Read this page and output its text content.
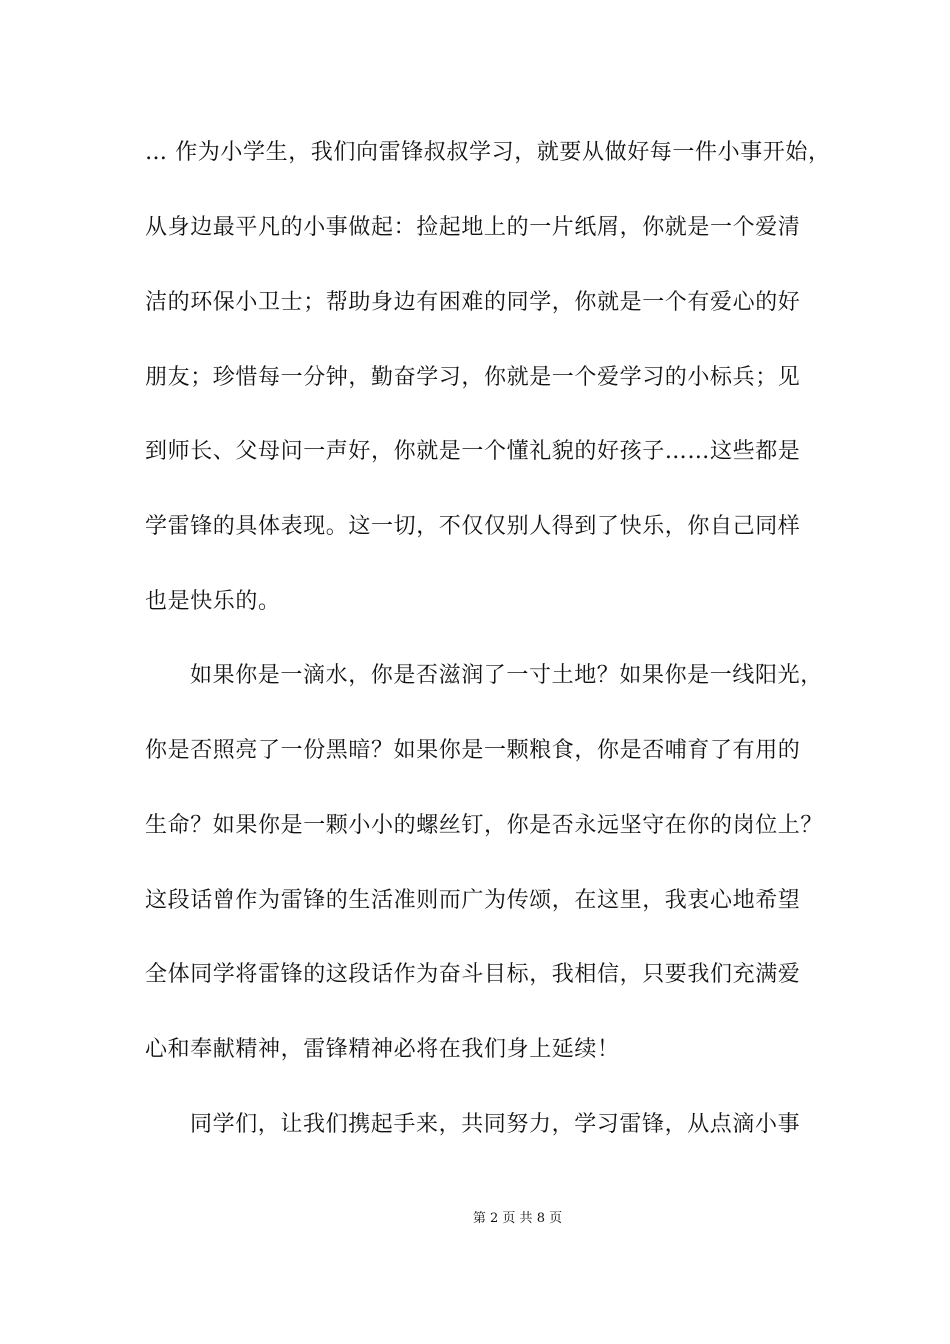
… 作为小学生，我们向雷锋叔叔学习，就要从做好每一件小事开始，
从身边最平凡的小事做起：捡起地上的一片纸屑，你就是一个爱清
洁的环保小卫士；帮助身边有困难的同学，你就是一个有爱心的好
朋友；珍惜每一分钟，勤奋学习，你就是一个爱学习的小标兵；见
到师长、父母问一声好，你就是一个懂礼貌的好孩子……这些都是
学雷锋的具体表现。这一切，不仅仅别人得到了快乐，你自己同样
也是快乐的。
如果你是一滴水，你是否滋润了一寸土地？如果你是一线阳光，
你是否照亮了一份黑暗？如果你是一颗粮食，你是否哺育了有用的
生命？如果你是一颗小小的螺丝钉，你是否永远坚守在你的岗位上？
这段话曾作为雷锋的生活准则而广为传颂，在这里，我衷心地希望
全体同学将雷锋的这段话作为奋斗目标，我相信，只要我们充满爱
心和奉献精神，雷锋精神必将在我们身上延续！
同学们，让我们携起手来，共同努力，学习雷锋，从点滴小事
第 2 页 共 8 页
